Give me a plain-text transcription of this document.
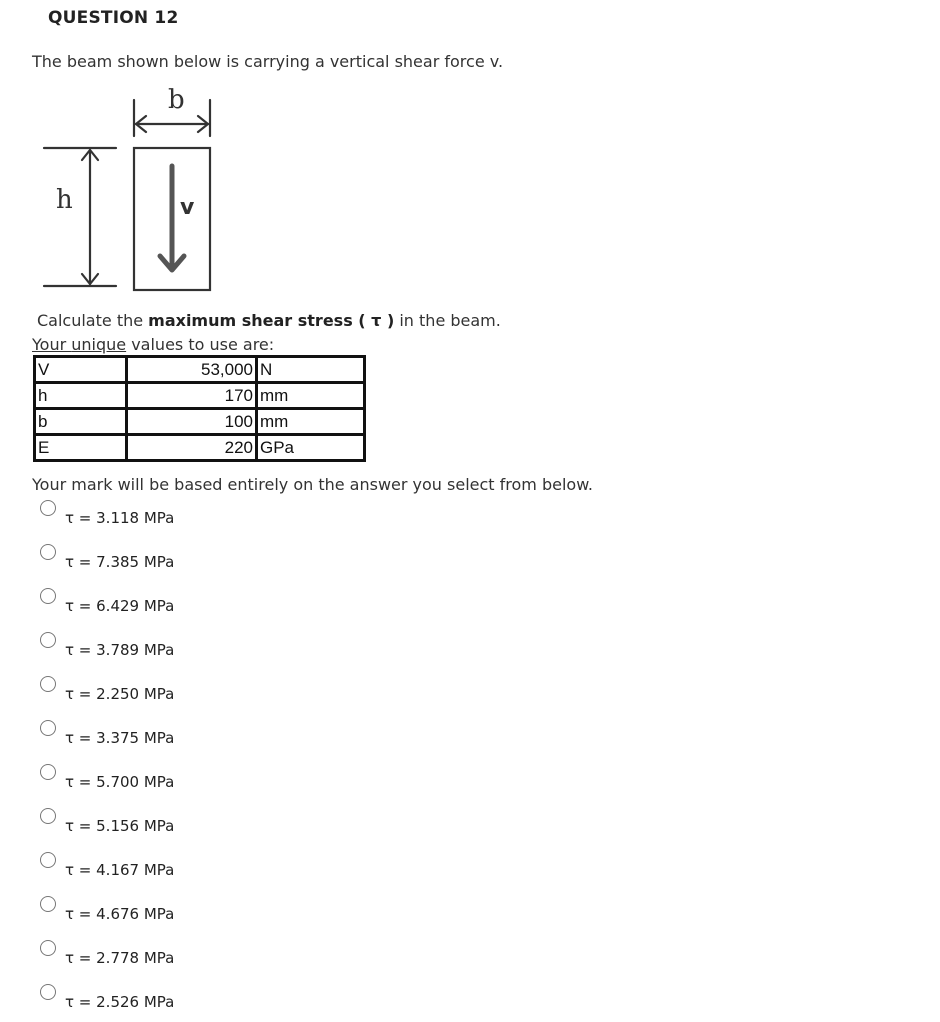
QUESTION 12
The beam shown below is carrying a vertical shear force v.
b
h	v
Calculate the maximum shear stress ( τ ) in the beam.
Your unique values to use are:
V	53,000	N
h	170	mm
b	100	mm
E	220	GPa
Your mark will be based entirely on the answer you select from below.
τ = 3.118 MPa
τ = 7.385 MPa
τ = 6.429 MPa
τ = 3.789 MPa
τ = 2.250 MPa
τ = 3.375 MPa
τ = 5.700 MPa
τ = 5.156 MPa
τ = 4.167 MPa
τ = 4.676 MPa
τ = 2.778 MPa
τ = 2.526 MPa
